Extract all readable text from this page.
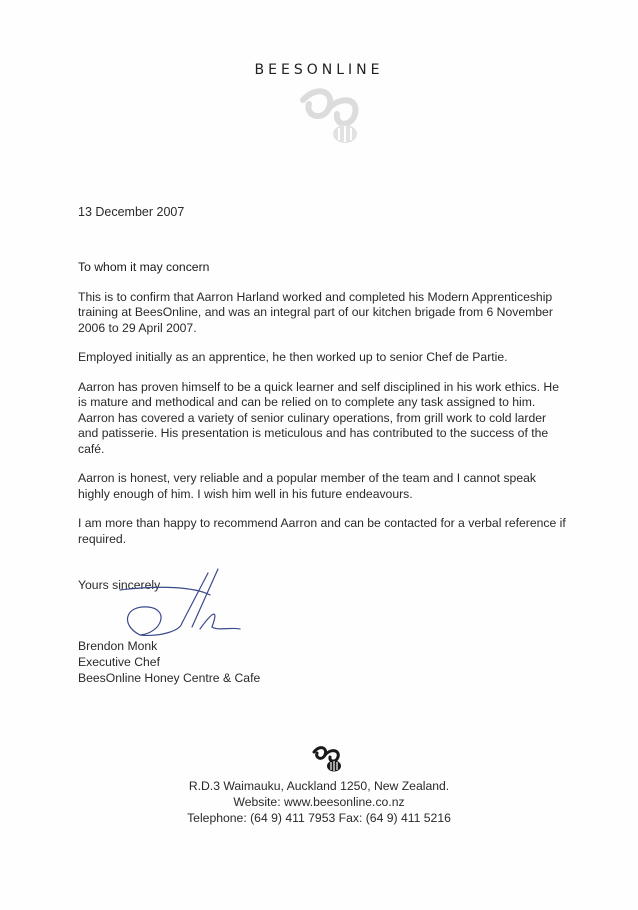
BEESONLINE
13 December 2007

To whom it may concern

This is to confirm that Aarron Harland worked and completed his Modern Apprenticeship training at BeesOnline, and was an integral part of our kitchen brigade from 6 November 2006 to 29 April 2007.

Employed initially as an apprentice, he then worked up to senior Chef de Partie.

Aarron has proven himself to be a quick learner and self disciplined in his work ethics. He is mature and methodical and can be relied on to complete any task assigned to him. Aarron has covered a variety of senior culinary operations, from grill work to cold larder and patisserie. His presentation is meticulous and has contributed to the success of the café.

Aarron is honest, very reliable and a popular member of the team and I cannot speak highly enough of him. I wish him well in his future endeavours.

I am more than happy to recommend Aarron and can be contacted for a verbal reference if required.

Yours sincerely
Brendon Monk
Executive Chef
BeesOnline Honey Centre & Cafe
R.D.3 Waimauku, Auckland 1250, New Zealand.
Website: www.beesonline.co.nz
Telephone: (64 9) 411 7953 Fax: (64 9) 411 5216
